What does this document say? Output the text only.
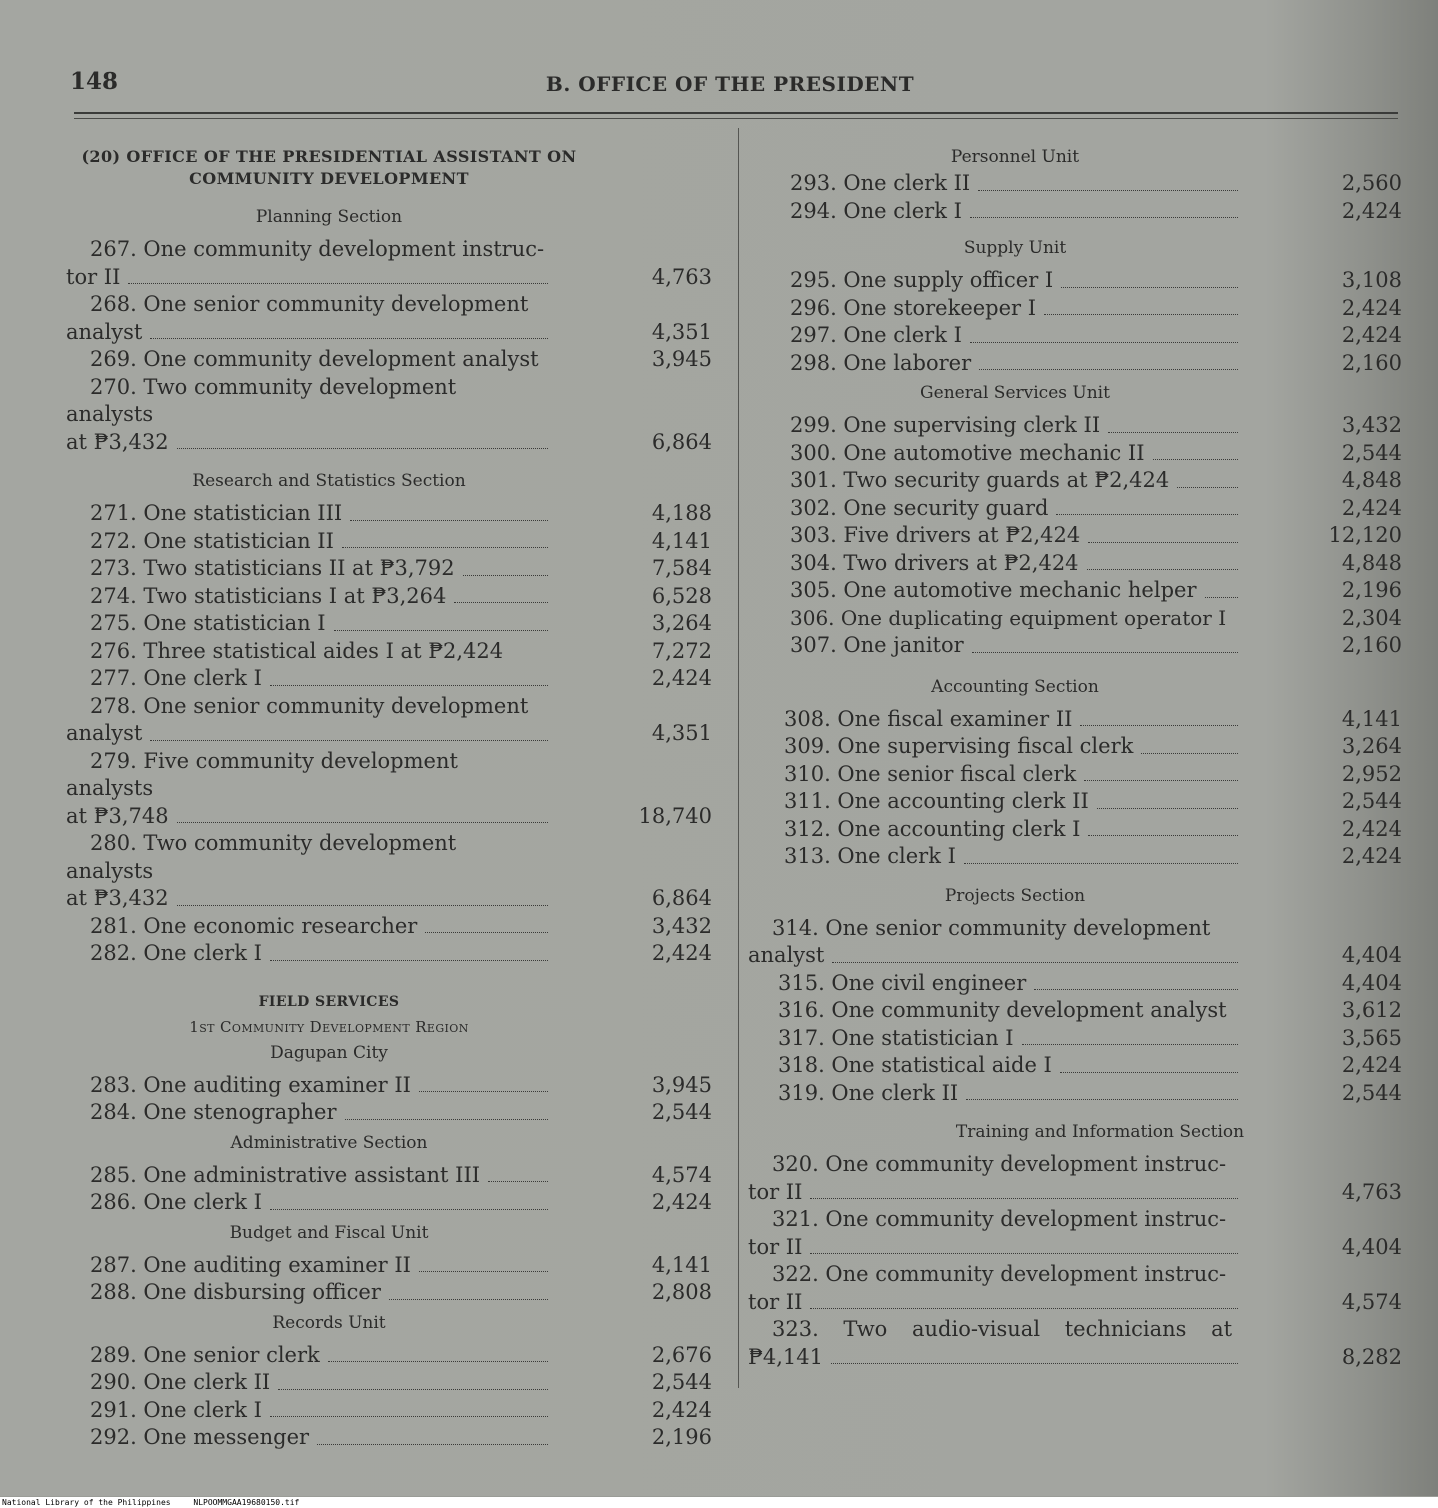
148	B. OFFICE OF THE PRESIDENT
(20) OFFICE OF THE PRESIDENTIAL ASSISTANT ON
COMMUNITY DEVELOPMENT
Planning Section
267. One community development instruc-
tor II	4,763
268. One senior community development
analyst	4,351
269. One community development analyst	3,945
270. Two community development analysts
at ₱3,432	6,864
Research and Statistics Section
271. One statistician III	4,188
272. One statistician II	4,141
273. Two statisticians II at ₱3,792	7,584
274. Two statisticians I at ₱3,264	6,528
275. One statistician I	3,264
276. Three statistical aides I at ₱2,424	7,272
277. One clerk I	2,424
278. One senior community development
analyst	4,351
279. Five community development analysts
at ₱3,748	18,740
280. Two community development analysts
at ₱3,432	6,864
281. One economic researcher	3,432
282. One clerk I	2,424
FIELD SERVICES
1st Community Development Region
Dagupan City
283. One auditing examiner II	3,945
284. One stenographer	2,544
Administrative Section
285. One administrative assistant III	4,574
286. One clerk I	2,424
Budget and Fiscal Unit
287. One auditing examiner II	4,141
288. One disbursing officer	2,808
Records Unit
289. One senior clerk	2,676
290. One clerk II	2,544
291. One clerk I	2,424
292. One messenger	2,196
Personnel Unit
293. One clerk II	2,560
294. One clerk I	2,424
Supply Unit
295. One supply officer I	3,108
296. One storekeeper I	2,424
297. One clerk I	2,424
298. One laborer	2,160
General Services Unit
299. One supervising clerk II	3,432
300. One automotive mechanic II	2,544
301. Two security guards at ₱2,424	4,848
302. One security guard	2,424
303. Five drivers at ₱2,424	12,120
304. Two drivers at ₱2,424	4,848
305. One automotive mechanic helper	2,196
306. One duplicating equipment operator I	2,304
307. One janitor	2,160
Accounting Section
308. One fiscal examiner II	4,141
309. One supervising fiscal clerk	3,264
310. One senior fiscal clerk	2,952
311. One accounting clerk II	2,544
312. One accounting clerk I	2,424
313. One clerk I	2,424
Projects Section
314. One senior community development
analyst	4,404
315. One civil engineer	4,404
316. One community development analyst	3,612
317. One statistician I	3,565
318. One statistical aide I	2,424
319. One clerk II	2,544
Training and Information Section
320. One community development instruc-
tor II	4,763
321. One community development instruc-
tor II	4,404
322. One community development instruc-
tor II	4,574
323. Two audio-visual technicians at
₱4,141	8,282
National Library of the Philippines	NLPOOMMGAA19680150.tif
